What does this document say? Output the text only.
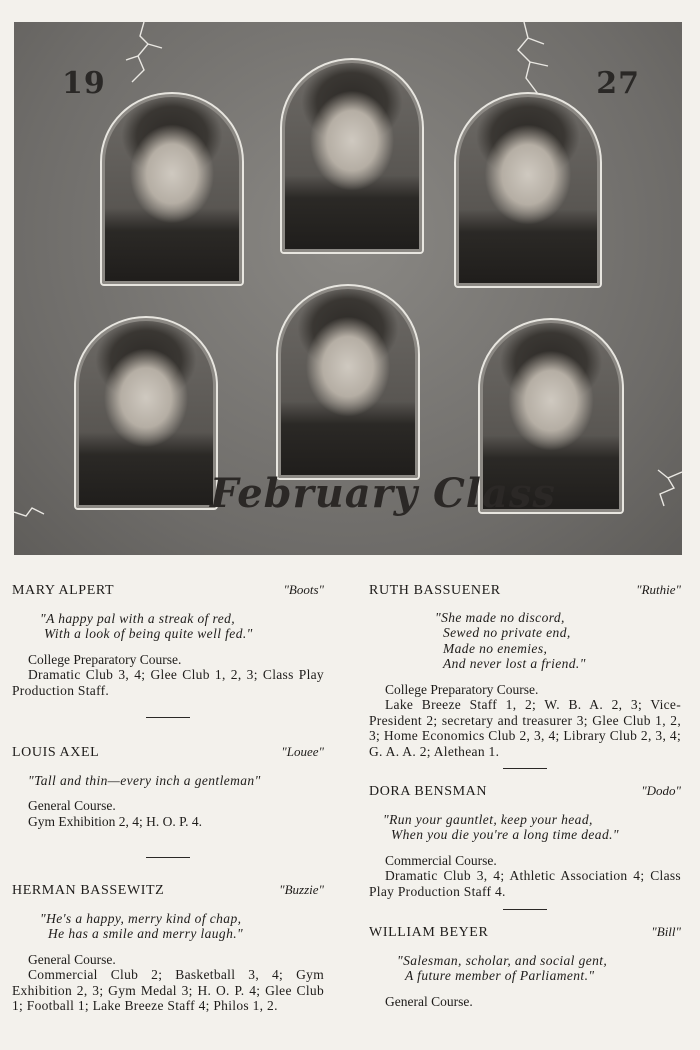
19	27
February Class
MARY ALPERT	"Boots"
"A happy pal with a streak of red,
With a look of being quite well fed."
College Preparatory Course.
Dramatic Club 3, 4; Glee Club 1, 2, 3; Class Play Production Staff.
LOUIS AXEL	"Louee"
"Tall and thin—every inch a gentleman"
General Course.
Gym Exhibition 2, 4; H. O. P. 4.
HERMAN BASSEWITZ	"Buzzie"
"He's a happy, merry kind of chap,
He has a smile and merry laugh."
General Course.
Commercial Club 2; Basketball 3, 4; Gym Exhibition 2, 3; Gym Medal 3; H. O. P. 4; Glee Club 1; Football 1; Lake Breeze Staff 4; Philos 1, 2.
RUTH BASSUENER	"Ruthie"
"She made no discord,
Sewed no private end,
Made no enemies,
And never lost a friend."
College Preparatory Course.
Lake Breeze Staff 1, 2; W. B. A. 2, 3; Vice-President 2; secretary and treasurer 3; Glee Club 1, 2, 3; Home Economics Club 2, 3, 4; Library Club 2, 3, 4; G. A. A. 2; Alethean 1.
DORA BENSMAN	"Dodo"
"Run your gauntlet, keep your head,
When you die you're a long time dead."
Commercial Course.
Dramatic Club 3, 4; Athletic Association 4; Class Play Production Staff 4.
WILLIAM BEYER	"Bill"
"Salesman, scholar, and social gent,
A future member of Parliament."
General Course.
